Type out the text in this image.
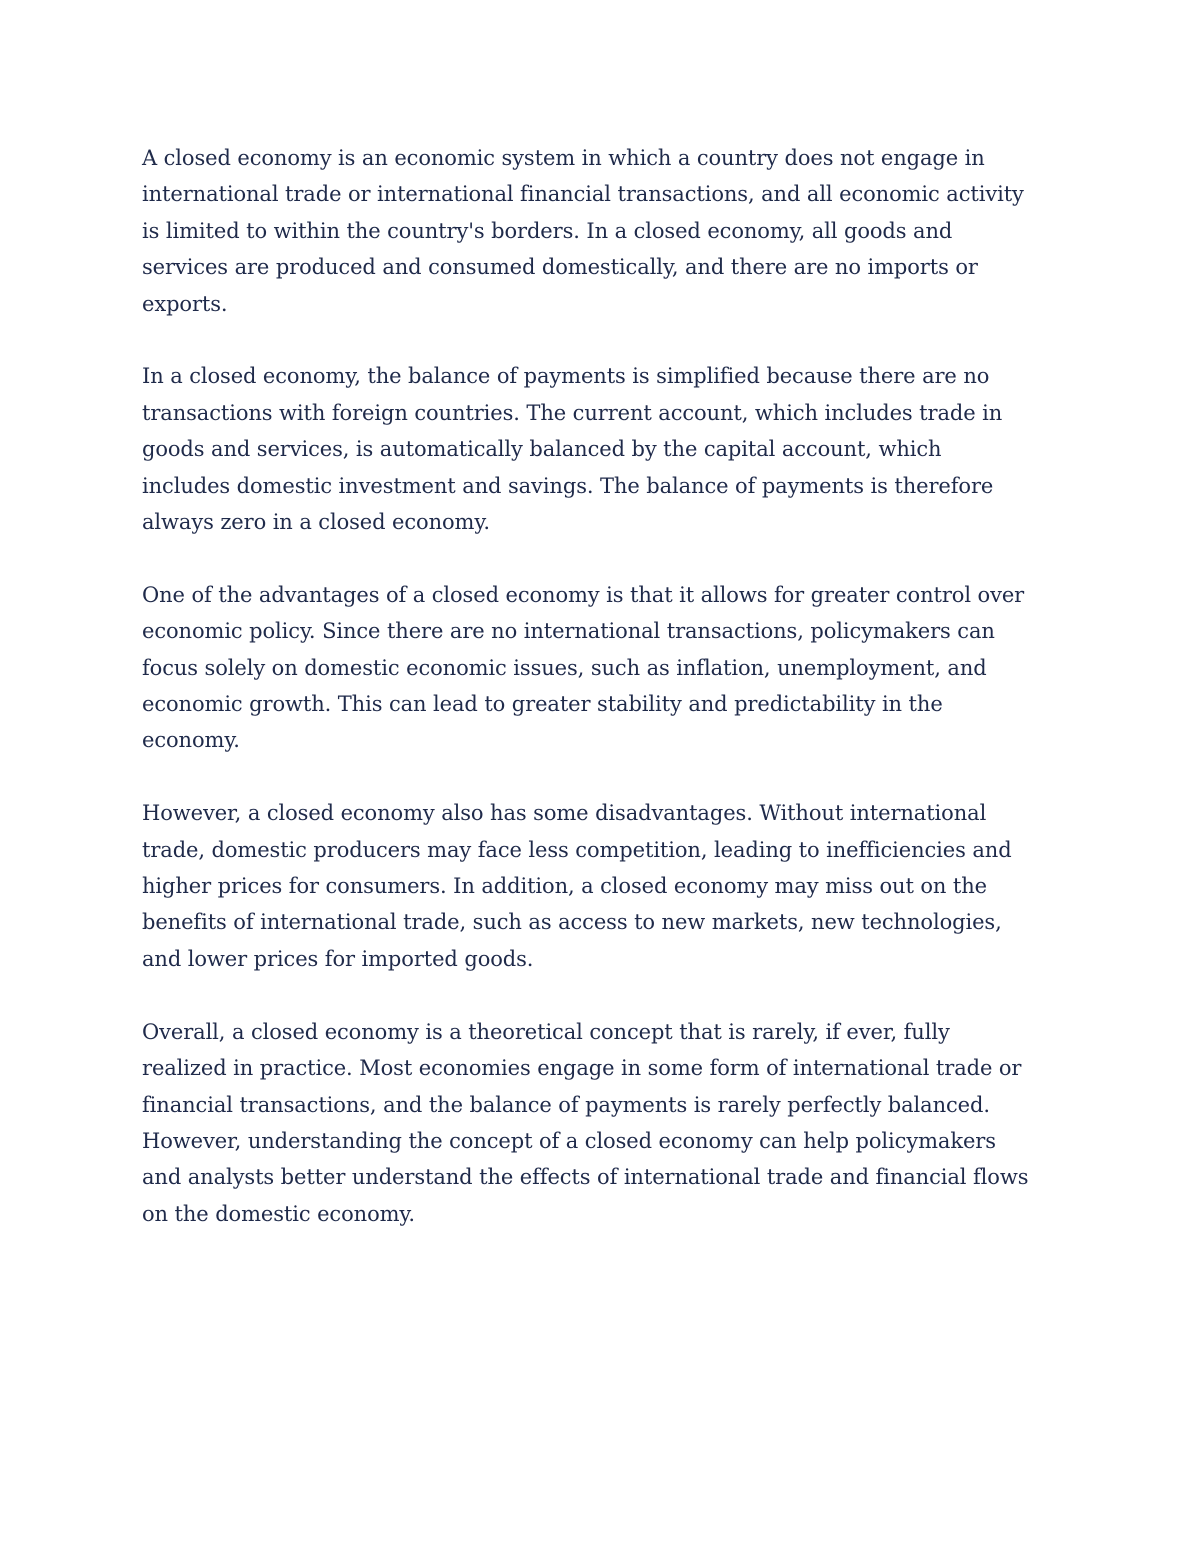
A closed economy is an economic system in which a country does not engage in
international trade or international financial transactions, and all economic activity
is limited to within the country's borders. In a closed economy, all goods and
services are produced and consumed domestically, and there are no imports or
exports.

In a closed economy, the balance of payments is simplified because there are no
transactions with foreign countries. The current account, which includes trade in
goods and services, is automatically balanced by the capital account, which
includes domestic investment and savings. The balance of payments is therefore
always zero in a closed economy.

One of the advantages of a closed economy is that it allows for greater control over
economic policy. Since there are no international transactions, policymakers can
focus solely on domestic economic issues, such as inflation, unemployment, and
economic growth. This can lead to greater stability and predictability in the
economy.

However, a closed economy also has some disadvantages. Without international
trade, domestic producers may face less competition, leading to inefficiencies and
higher prices for consumers. In addition, a closed economy may miss out on the
benefits of international trade, such as access to new markets, new technologies,
and lower prices for imported goods.

Overall, a closed economy is a theoretical concept that is rarely, if ever, fully
realized in practice. Most economies engage in some form of international trade or
financial transactions, and the balance of payments is rarely perfectly balanced.
However, understanding the concept of a closed economy can help policymakers
and analysts better understand the effects of international trade and financial flows
on the domestic economy.
